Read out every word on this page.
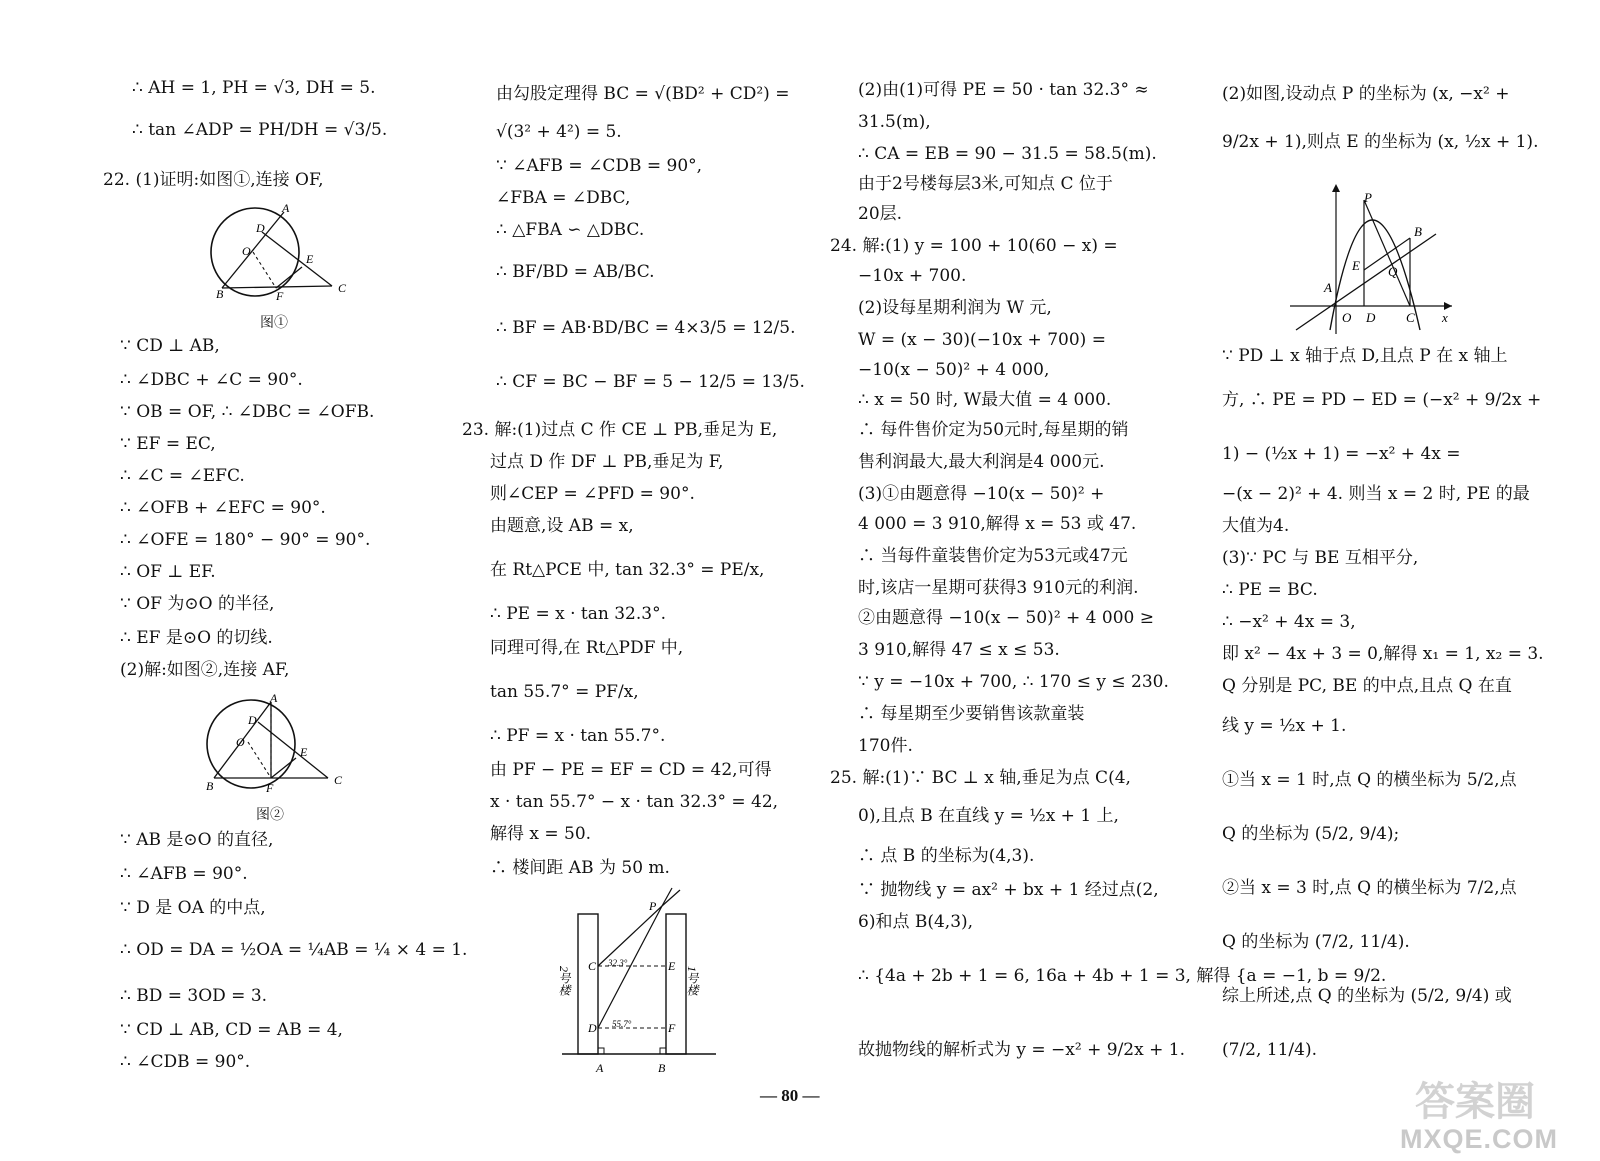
∴ AH = 1, PH = √3, DH = 5.
∴ tan ∠ADP = PH/DH = √3/5.
22. (1)证明:如图①,连接 OF,
A
D
O
E
C
B	F
图①
∵ CD ⊥ AB,
∴ ∠DBC + ∠C = 90°.
∵ OB = OF, ∴ ∠DBC = ∠OFB.
∵ EF = EC,
∴ ∠C = ∠EFC.
∴ ∠OFB + ∠EFC = 90°.
∴ ∠OFE = 180° − 90° = 90°.
∴ OF ⊥ EF.
∵ OF 为⊙O 的半径,
∴ EF 是⊙O 的切线.
(2)解:如图②,连接 AF,
A
D
O
E
C
B	F
图②
∵ AB 是⊙O 的直径,
∴ ∠AFB = 90°.
∵ D 是 OA 的中点,
∴ OD = DA = ½OA = ¼AB = ¼ × 4 = 1.
∴ BD = 3OD = 3.
∵ CD ⊥ AB, CD = AB = 4,
∴ ∠CDB = 90°.
由勾股定理得 BC = √(BD² + CD²) =
√(3² + 4²) = 5.
∵ ∠AFB = ∠CDB = 90°,
∠FBA = ∠DBC,
∴ △FBA ∽ △DBC.
∴ BF/BD = AB/BC.
∴ BF = AB·BD/BC = 4×3/5 = 12/5.
∴ CF = BC − BF = 5 − 12/5 = 13/5.
23. 解:(1)过点 C 作 CE ⊥ PB,垂足为 E,
过点 D 作 DF ⊥ PB,垂足为 F,
则∠CEP = ∠PFD = 90°.
由题意,设 AB = x,
在 Rt△PCE 中, tan 32.3° = PE/x,
∴ PE = x · tan 32.3°.
同理可得,在 Rt△PDF 中,
tan 55.7° = PF/x,
∴ PF = x · tan 55.7°.
由 PF − PE = EF = CD = 42,可得
x · tan 55.7° − x · tan 32.3° = 42,
解得 x = 50.
∴ 楼间距 AB 为 50 m.
P
C	E
D	F
A	B
32.3°
55.7°
2号楼	1号楼
(2)由(1)可得 PE = 50 · tan 32.3° ≈
31.5(m),
∴ CA = EB = 90 − 31.5 = 58.5(m).
由于2号楼每层3米,可知点 C 位于
20层.
24. 解:(1) y = 100 + 10(60 − x) =
−10x + 700.
(2)设每星期利润为 W 元,
W = (x − 30)(−10x + 700) =
−10(x − 50)² + 4 000,
∴ x = 50 时, W最大值 = 4 000.
∴ 每件售价定为50元时,每星期的销
售利润最大,最大利润是4 000元.
(3)①由题意得 −10(x − 50)² +
4 000 = 3 910,解得 x = 53 或 47.
∴ 当每件童装售价定为53元或47元
时,该店一星期可获得3 910元的利润.
②由题意得 −10(x − 50)² + 4 000 ≥
3 910,解得 47 ≤ x ≤ 53.
∵ y = −10x + 700, ∴ 170 ≤ y ≤ 230.
∴ 每星期至少要销售该款童装
170件.
25. 解:(1)∵ BC ⊥ x 轴,垂足为点 C(4,
0),且点 B 在直线 y = ½x + 1 上,
∴ 点 B 的坐标为(4,3).
∵ 抛物线 y = ax² + bx + 1 经过点(2,
6)和点 B(4,3),
∴ {4a + 2b + 1 = 6, 16a + 4b + 1 = 3, 解得 {a = −1, b = 9/2.
故抛物线的解析式为 y = −x² + 9/2x + 1.
(2)如图,设动点 P 的坐标为 (x, −x² +
9/2x + 1),则点 E 的坐标为 (x, ½x + 1).
P
B
E Q
A
O D C x
∵ PD ⊥ x 轴于点 D,且点 P 在 x 轴上
方, ∴ PE = PD − ED = (−x² + 9/2x +
1) − (½x + 1) = −x² + 4x =
−(x − 2)² + 4. 则当 x = 2 时, PE 的最
大值为4.
(3)∵ PC 与 BE 互相平分,
∴ PE = BC.
∴ −x² + 4x = 3,
即 x² − 4x + 3 = 0,解得 x₁ = 1, x₂ = 3.
Q 分别是 PC, BE 的中点,且点 Q 在直
线 y = ½x + 1.
①当 x = 1 时,点 Q 的横坐标为 5/2,点
Q 的坐标为 (5/2, 9/4);
②当 x = 3 时,点 Q 的横坐标为 7/2,点
Q 的坐标为 (7/2, 11/4).
综上所述,点 Q 的坐标为 (5/2, 9/4) 或
(7/2, 11/4).
— 80 —	答案圈
MXQE.COM
